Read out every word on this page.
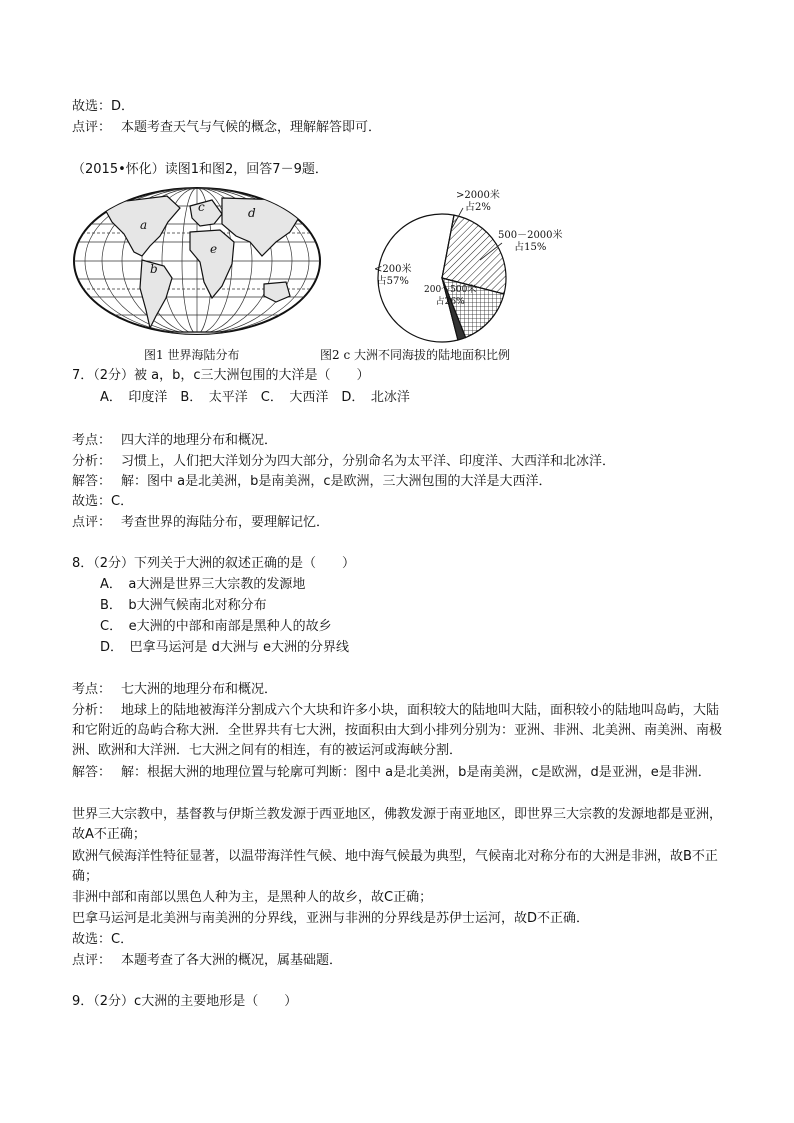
故选：D．
点评： 本题考查天气与气候的概念，理解解答即可．
（2015•怀化）读图1和图2，回答7－9题．
a
b
c	d
e
<200米
占57%
200～500米
占26%
500－2000米
占15%
>2000米
占2%
图1 世界海陆分布	图2 c 大洲不同海拔的陆地面积比例
7．（2分）被 a，b，c三大洲包围的大洋是（　　）
A．　印度洋　B．　太平洋　C．　大西洋　D．　北冰洋
考点： 四大洋的地理分布和概况．
分析： 习惯上，人们把大洋划分为四大部分，分别命名为太平洋、印度洋、大西洋和北冰洋．
解答： 解：图中 a是北美洲，b是南美洲，c是欧洲，三大洲包围的大洋是大西洋．
故选：C．
点评： 考查世界的海陆分布，要理解记忆．
8．（2分）下列关于大洲的叙述正确的是（　　）
A．　a大洲是世界三大宗教的发源地
B．　b大洲气候南北对称分布
C．　e大洲的中部和南部是黑种人的故乡
D．　巴拿马运河是 d大洲与 e大洲的分界线
考点： 七大洲的地理分布和概况．
分析： 地球上的陆地被海洋分割成六个大块和许多小块，面积较大的陆地叫大陆，面积较小的陆地叫岛屿，大陆和它附近的岛屿合称大洲．全世界共有七大洲，按面积由大到小排列分别为：亚洲、非洲、北美洲、南美洲、南极洲、欧洲和大洋洲．七大洲之间有的相连，有的被运河或海峡分割．
解答： 解：根据大洲的地理位置与轮廓可判断：图中 a是北美洲，b是南美洲，c是欧洲，d是亚洲，e是非洲．
世界三大宗教中，基督教与伊斯兰教发源于西亚地区，佛教发源于南亚地区，即世界三大宗教的发源地都是亚洲，故A不正确；
欧洲气候海洋性特征显著，以温带海洋性气候、地中海气候最为典型，气候南北对称分布的大洲是非洲，故B不正确；
非洲中部和南部以黑色人种为主，是黑种人的故乡，故C正确；
巴拿马运河是北美洲与南美洲的分界线，亚洲与非洲的分界线是苏伊士运河，故D不正确．
故选：C．
点评： 本题考查了各大洲的概况，属基础题．
9．（2分）c大洲的主要地形是（　　）
